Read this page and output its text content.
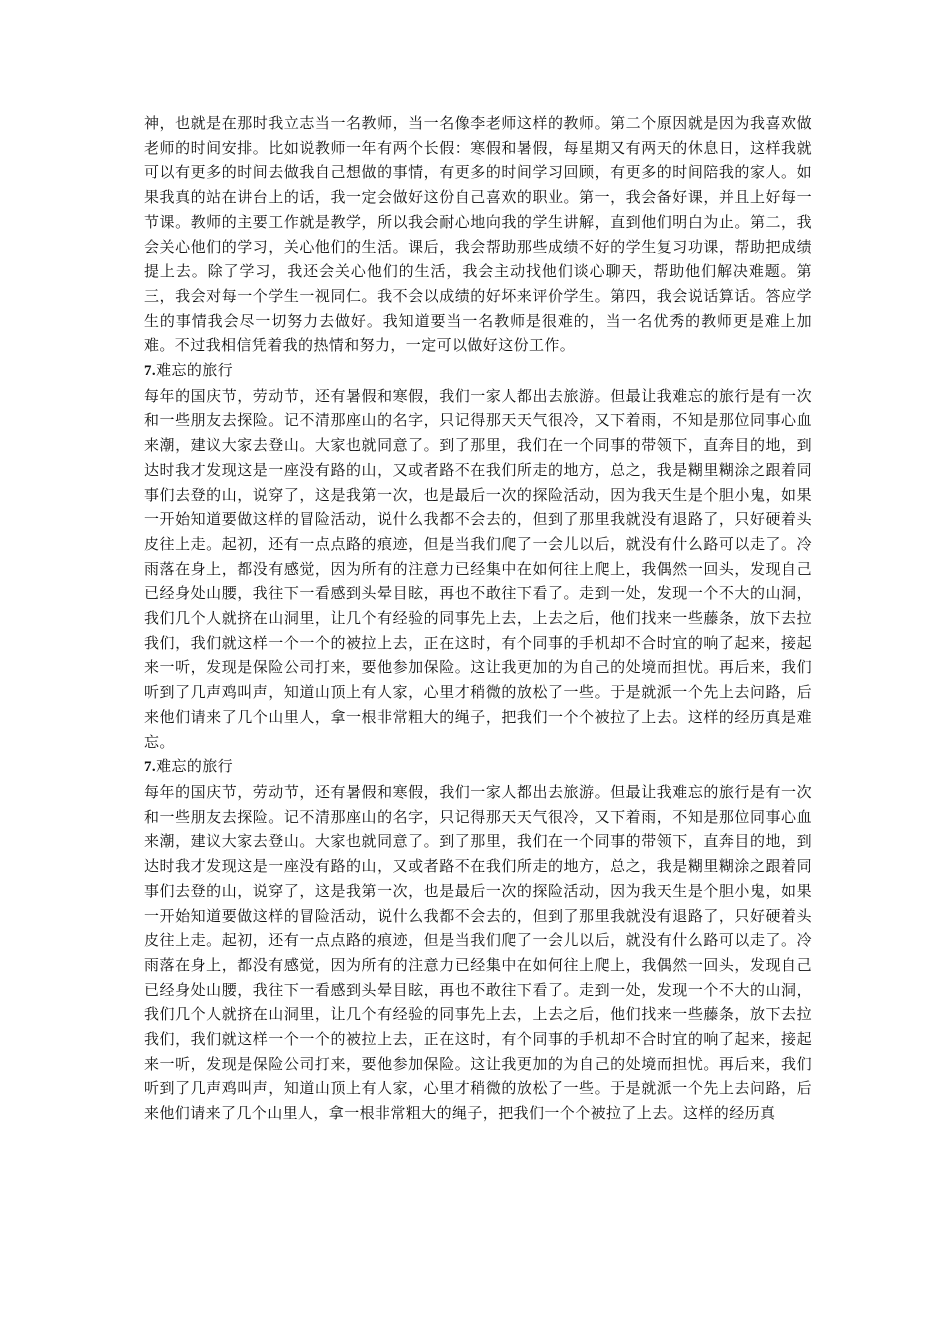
神，也就是在那时我立志当一名教师，当一名像李老师这样的教师。第二个原因就是因为我喜欢做老师的时间安排。比如说教师一年有两个长假：寒假和暑假，每星期又有两天的休息日，这样我就可以有更多的时间去做我自己想做的事情，有更多的时间学习回顾，有更多的时间陪我的家人。如果我真的站在讲台上的话，我一定会做好这份自己喜欢的职业。第一，我会备好课，并且上好每一节课。教师的主要工作就是教学，所以我会耐心地向我的学生讲解，直到他们明白为止。第二，我会关心他们的学习，关心他们的生活。课后，我会帮助那些成绩不好的学生复习功课，帮助把成绩提上去。除了学习，我还会关心他们的生活，我会主动找他们谈心聊天，帮助他们解决难题。第三，我会对每一个学生一视同仁。我不会以成绩的好坏来评价学生。第四，我会说话算话。答应学生的事情我会尽一切努力去做好。我知道要当一名教师是很难的，当一名优秀的教师更是难上加难。不过我相信凭着我的热情和努力，一定可以做好这份工作。

7.难忘的旅行

每年的国庆节，劳动节，还有暑假和寒假，我们一家人都出去旅游。但最让我难忘的旅行是有一次和一些朋友去探险。记不清那座山的名字，只记得那天天气很冷，又下着雨，不知是那位同事心血来潮，建议大家去登山。大家也就同意了。到了那里，我们在一个同事的带领下，直奔目的地，到达时我才发现这是一座没有路的山，又或者路不在我们所走的地方，总之，我是糊里糊涂之跟着同事们去登的山，说穿了，这是我第一次，也是最后一次的探险活动，因为我天生是个胆小鬼，如果一开始知道要做这样的冒险活动，说什么我都不会去的，但到了那里我就没有退路了，只好硬着头皮往上走。起初，还有一点点路的痕迹，但是当我们爬了一会儿以后，就没有什么路可以走了。冷雨落在身上，都没有感觉，因为所有的注意力已经集中在如何往上爬上，我偶然一回头，发现自己已经身处山腰，我往下一看感到头晕目眩，再也不敢往下看了。走到一处，发现一个不大的山洞，我们几个人就挤在山洞里，让几个有经验的同事先上去，上去之后，他们找来一些藤条，放下去拉我们，我们就这样一个一个的被拉上去，正在这时，有个同事的手机却不合时宜的响了起来，接起来一听，发现是保险公司打来，要他参加保险。这让我更加的为自己的处境而担忧。再后来，我们听到了几声鸡叫声，知道山顶上有人家，心里才稍微的放松了一些。于是就派一个先上去问路，后来他们请来了几个山里人，拿一根非常粗大的绳子，把我们一个个被拉了上去。这样的经历真是难忘。

7.难忘的旅行

每年的国庆节，劳动节，还有暑假和寒假，我们一家人都出去旅游。但最让我难忘的旅行是有一次和一些朋友去探险。记不清那座山的名字，只记得那天天气很冷，又下着雨，不知是那位同事心血来潮，建议大家去登山。大家也就同意了。到了那里，我们在一个同事的带领下，直奔目的地，到达时我才发现这是一座没有路的山，又或者路不在我们所走的地方，总之，我是糊里糊涂之跟着同事们去登的山，说穿了，这是我第一次，也是最后一次的探险活动，因为我天生是个胆小鬼，如果一开始知道要做这样的冒险活动，说什么我都不会去的，但到了那里我就没有退路了，只好硬着头皮往上走。起初，还有一点点路的痕迹，但是当我们爬了一会儿以后，就没有什么路可以走了。冷雨落在身上，都没有感觉，因为所有的注意力已经集中在如何往上爬上，我偶然一回头，发现自己已经身处山腰，我往下一看感到头晕目眩，再也不敢往下看了。走到一处，发现一个不大的山洞，我们几个人就挤在山洞里，让几个有经验的同事先上去，上去之后，他们找来一些藤条，放下去拉我们，我们就这样一个一个的被拉上去，正在这时，有个同事的手机却不合时宜的响了起来，接起来一听，发现是保险公司打来，要他参加保险。这让我更加的为自己的处境而担忧。再后来，我们听到了几声鸡叫声，知道山顶上有人家，心里才稍微的放松了一些。于是就派一个先上去问路，后来他们请来了几个山里人，拿一根非常粗大的绳子，把我们一个个被拉了上去。这样的经历真
